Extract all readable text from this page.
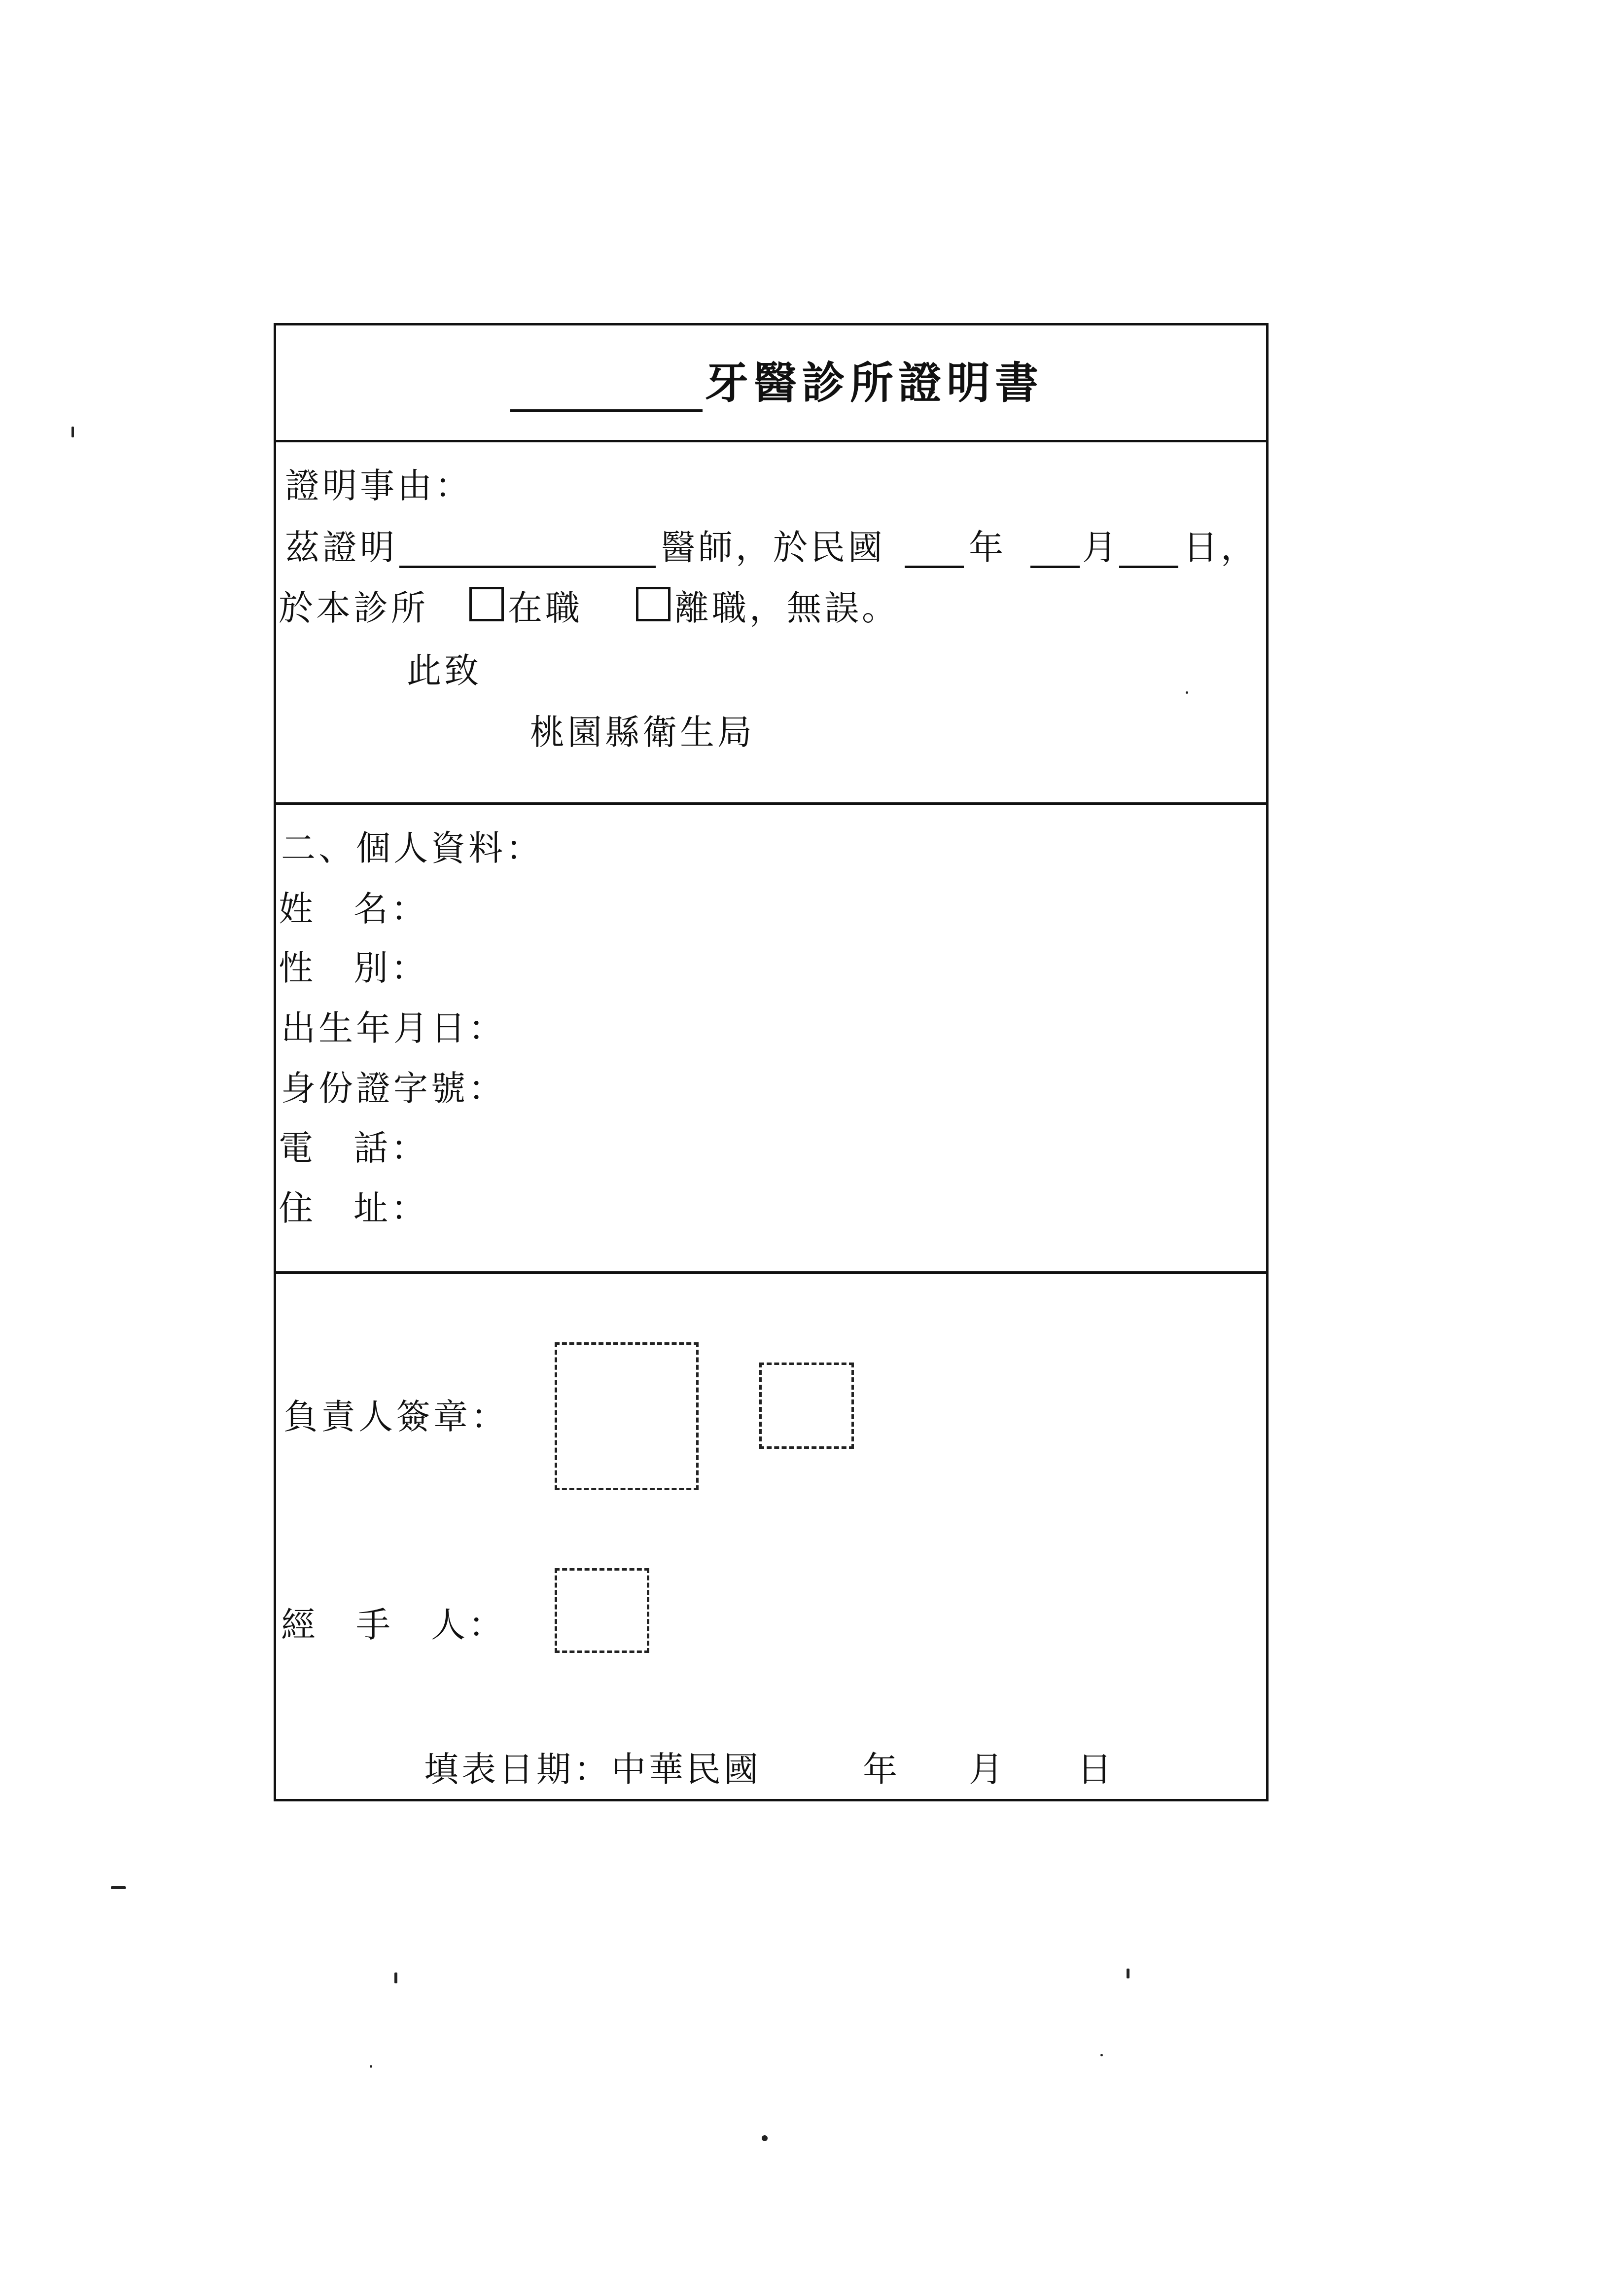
牙醫診所證明書
證明事由：
茲證明	醫師，於民國 年 月 日，
於本診所 在職	離職，無誤。
此致
桃園縣衛生局
二、個人資料：
姓　名：
性　別：
出生年月日：
身份證字號：
電　話：
住　址：
負責人簽章：
經　手　人：
填表日期：中華民國	年 月 日
